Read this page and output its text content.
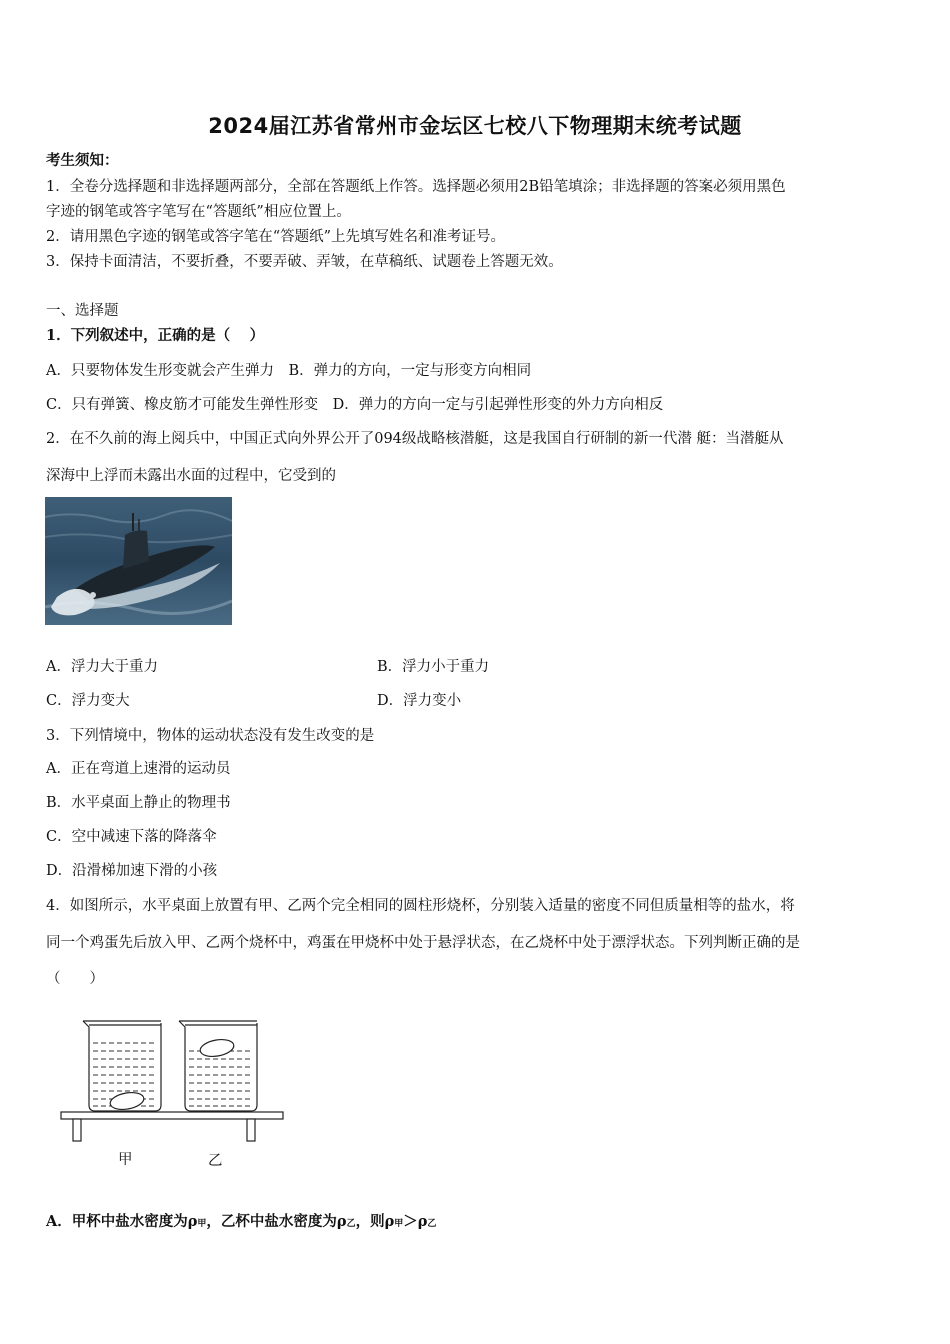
2024届江苏省常州市金坛区七校八下物理期末统考试题
考生须知：
1．全卷分选择题和非选择题两部分，全部在答题纸上作答。选择题必须用2B铅笔填涂；非选择题的答案必须用黑色
字迹的钢笔或答字笔写在“答题纸”相应位置上。
2．请用黑色字迹的钢笔或答字笔在“答题纸”上先填写姓名和准考证号。
3．保持卡面清洁，不要折叠，不要弄破、弄皱，在草稿纸、试题卷上答题无效。
一、选择题
1．下列叙述中，正确的是（　 ）
A．只要物体发生形变就会产生弹力　B．弹力的方向，一定与形变方向相同
C．只有弹簧、橡皮筋才可能发生弹性形变　D．弹力的方向一定与引起弹性形变的外力方向相反
2．在不久前的海上阅兵中，中国正式向外界公开了094级战略核潜艇，这是我国自行研制的新一代潜 艇：当潜艇从
深海中上浮而未露出水面的过程中，它受到的
A．浮力大于重力	B．浮力小于重力
C．浮力变大	D．浮力变小
3．下列情境中，物体的运动状态没有发生改变的是
A．正在弯道上速滑的运动员
B．水平桌面上静止的物理书
C．空中减速下落的降落伞
D．沿滑梯加速下滑的小孩
4．如图所示，水平桌面上放置有甲、乙两个完全相同的圆柱形烧杯，分别装入适量的密度不同但质量相等的盐水，将
同一个鸡蛋先后放入甲、乙两个烧杯中，鸡蛋在甲烧杯中处于悬浮状态，在乙烧杯中处于漂浮状态。下列判断正确的是
（　　）
甲	乙
A．甲杯中盐水密度为ρ甲，乙杯中盐水密度为ρ乙，则ρ甲＞ρ乙
